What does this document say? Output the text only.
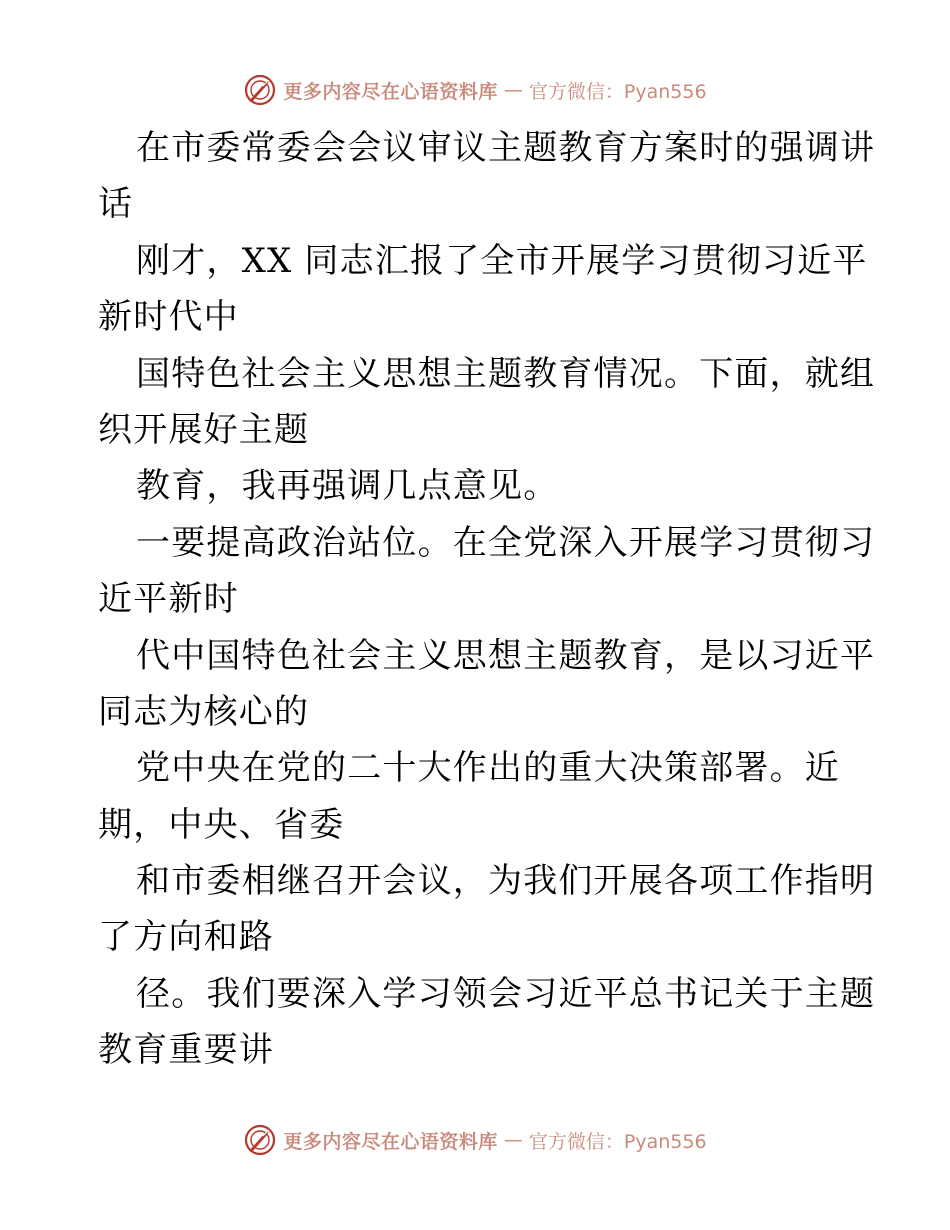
更多内容尽在心语资料库 — 官方微信：Pyan556
在市委常委会会议审议主题教育方案时的强调讲
话
刚才，XX 同志汇报了全市开展学习贯彻习近平
新时代中
国特色社会主义思想主题教育情况。下面，就组
织开展好主题
教育，我再强调几点意见。
一要提高政治站位。在全党深入开展学习贯彻习
近平新时
代中国特色社会主义思想主题教育，是以习近平
同志为核心的
党中央在党的二十大作出的重大决策部署。近
期，中央、省委
和市委相继召开会议，为我们开展各项工作指明
了方向和路
径。我们要深入学习领会习近平总书记关于主题
教育重要讲
更多内容尽在心语资料库 — 官方微信：Pyan556
